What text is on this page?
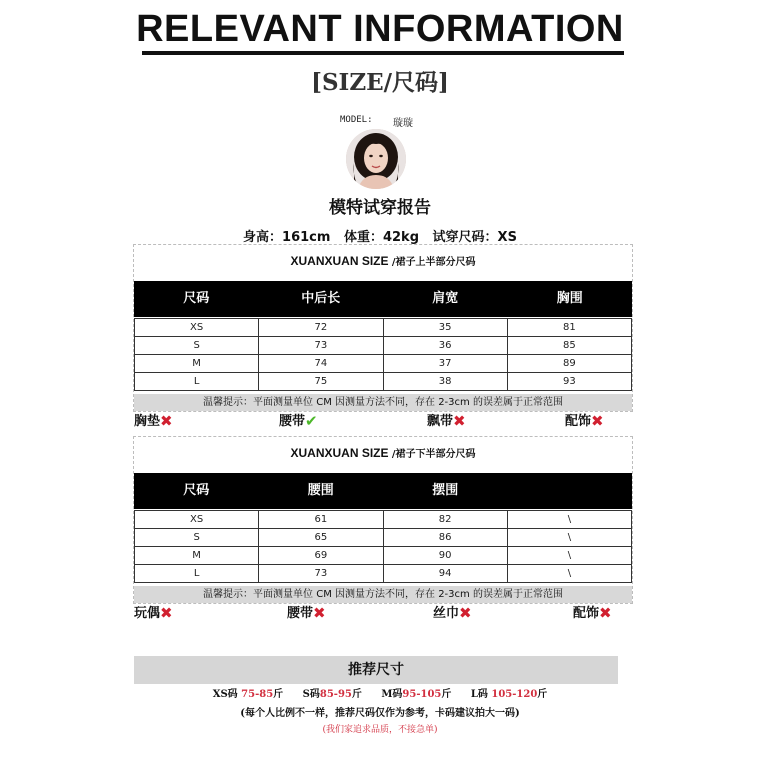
RELEVANT INFORMATION
[SIZE/尺码]
MODEL: 璇璇
模特试穿报告
身高：161cm 体重：42kg 试穿尺码：XS
XUANXUAN SIZE /裙子上半部分尺码
尺码	中后长	肩宽	胸围
XS	72	35	81
S	73	36	85
M	74	37	89
L	75	38	93
温馨提示：平面测量单位 CM 因测量方法不同，存在 2-3cm 的误差属于正常范围
胸垫✖	腰带✔	飘带✖	配饰✖
XUANXUAN SIZE /裙子下半部分尺码
尺码	腰围	摆围
XS	61	82	\
S	65	86	\
M	69	90	\
L	73	94	\
温馨提示：平面测量单位 CM 因测量方法不同，存在 2-3cm 的误差属于正常范围
玩偶✖	腰带✖	丝巾✖	配饰✖
推荐尺寸
XS码 75-85斤 S码85-95斤 M码95-105斤 L码 105-120斤
(每个人比例不一样，推荐尺码仅作为参考，卡码建议拍大一码)
(我们家追求品质，不接急单)
